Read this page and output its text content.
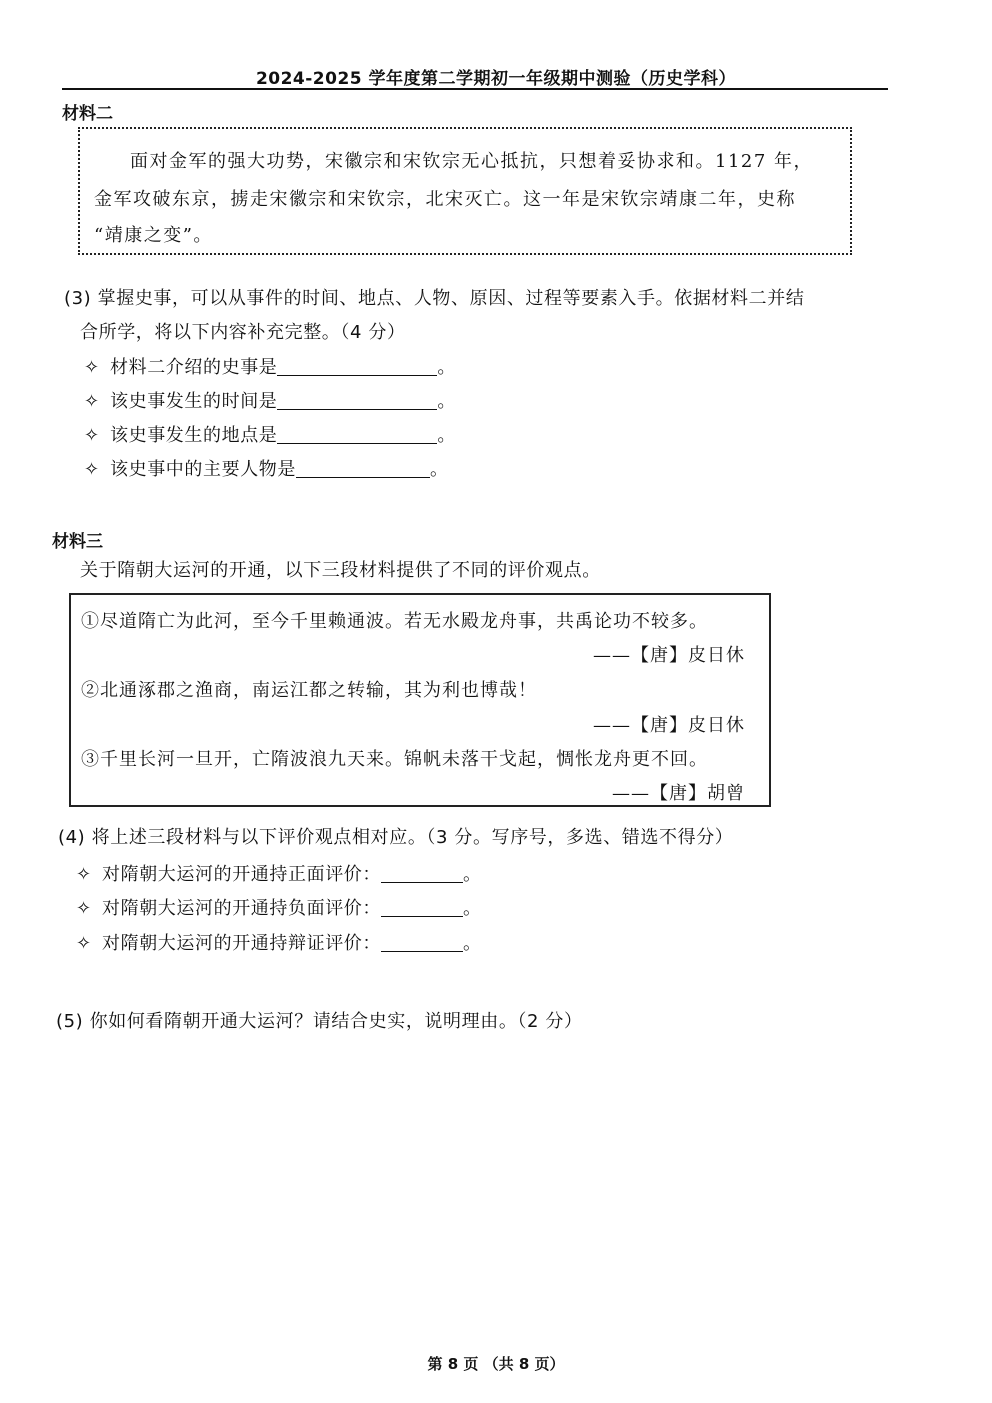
2024-2025 学年度第二学期初一年级期中测验（历史学科）
材料二

面对金军的强大功势，宋徽宗和宋钦宗无心抵抗，只想着妥协求和。1127 年，

金军攻破东京，掳走宋徽宗和宋钦宗，北宋灭亡。这一年是宋钦宗靖康二年，史称

“靖康之变”。

(3) 掌握史事，可以从事件的时间、地点、人物、原因、过程等要素入手。依据材料二并结
合所学，将以下内容补充完整。（4 分）
✧ 材料二介绍的史事是	。
✧ 该史事发生的时间是	。
✧ 该史事发生的地点是	。
✧ 该史事中的主要人物是	。
材料三
关于隋朝大运河的开通，以下三段材料提供了不同的评价观点。
①尽道隋亡为此河，至今千里赖通波。若无水殿龙舟事，共禹论功不较多。
——【唐】皮日休
②北通涿郡之渔商，南运江都之转输，其为利也博哉！
——【唐】皮日休
③千里长河一旦开，亡隋波浪九天来。锦帆未落干戈起，惆怅龙舟更不回。
——【唐】胡曾
(4) 将上述三段材料与以下评价观点相对应。（3 分。写序号，多选、错选不得分）
✧ 对隋朝大运河的开通持正面评价：	。
✧ 对隋朝大运河的开通持负面评价：	。
✧ 对隋朝大运河的开通持辩证评价：	。
(5) 你如何看隋朝开通大运河？请结合史实，说明理由。（2 分）
第 8 页 （共 8 页）
